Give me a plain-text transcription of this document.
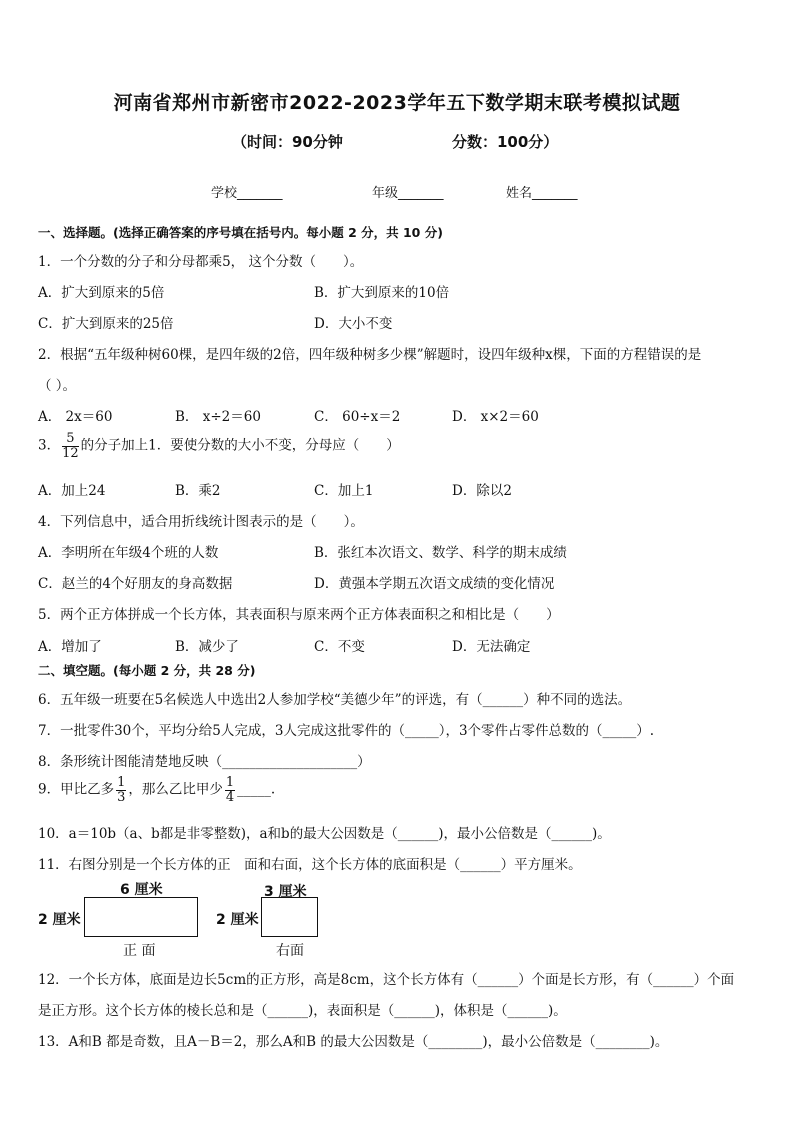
河南省郑州市新密市2022-2023学年五下数学期末联考模拟试题
（时间：90分钟	分数：100分）
学校_______	年级_______	姓名_______
一、选择题。(选择正确答案的序号填在括号内。每小题 2 分，共 10 分)
1．一个分数的分子和分母都乘5， 这个分数（　　）。
A．扩大到原来的5倍	B．扩大到原来的10倍
C．扩大到原来的25倍	D．大小不变
2．根据“五年级种树60棵，是四年级的2倍，四年级种树多少棵”解题时，设四年级种x棵，下面的方程错误的是
（ ）。
A． 2x＝60	B． x÷2＝60	C． 60÷x＝2	D． x×2＝60
3． $\frac{5}{12}$ 的分子加上1．要使分数的大小不变，分母应（　　）
A．加上24	B．乘2	C．加上1	D．除以2
4．下列信息中，适合用折线统计图表示的是（　　）。
A．李明所在年级4个班的人数	B．张红本次语文、数学、科学的期末成绩
C．赵兰的4个好朋友的身高数据	D．黄强本学期五次语文成绩的变化情况
5．两个正方体拼成一个长方体，其表面积与原来两个正方体表面积之和相比是（　　）
A．增加了	B．减少了	C．不变	D．无法确定
二、填空题。(每小题 2 分，共 28 分)
6．五年级一班要在5名候选人中选出2人参加学校“美德少年”的评选，有（______）种不同的选法。
7．一批零件30个，平均分给5人完成，3人完成这批零件的（_____），3个零件占零件总数的（_____）.
8．条形统计图能清楚地反映（____________________）
9．甲比乙多 $\frac{1}{3}$ ，那么乙比甲少 $\frac{1}{4}$ _____.
10．a＝10b（a、b都是非零整数)，a和b的最大公因数是（______)，最小公倍数是（______)。
11．右图分别是一个长方体的正　面和右面，这个长方体的底面积是（______）平方厘米。
6 厘米
2 厘米
正 面
3 厘米
2 厘米
右面
12．一个长方体，底面是边长5cm的正方形，高是8cm，这个长方体有（______）个面是长方形，有（______）个面
是正方形。这个长方体的棱长总和是（______)，表面积是（______)，体积是（______)。
13．A和B 都是奇数，且A－B＝2，那么A和B 的最大公因数是（________)，最小公倍数是（________)。
